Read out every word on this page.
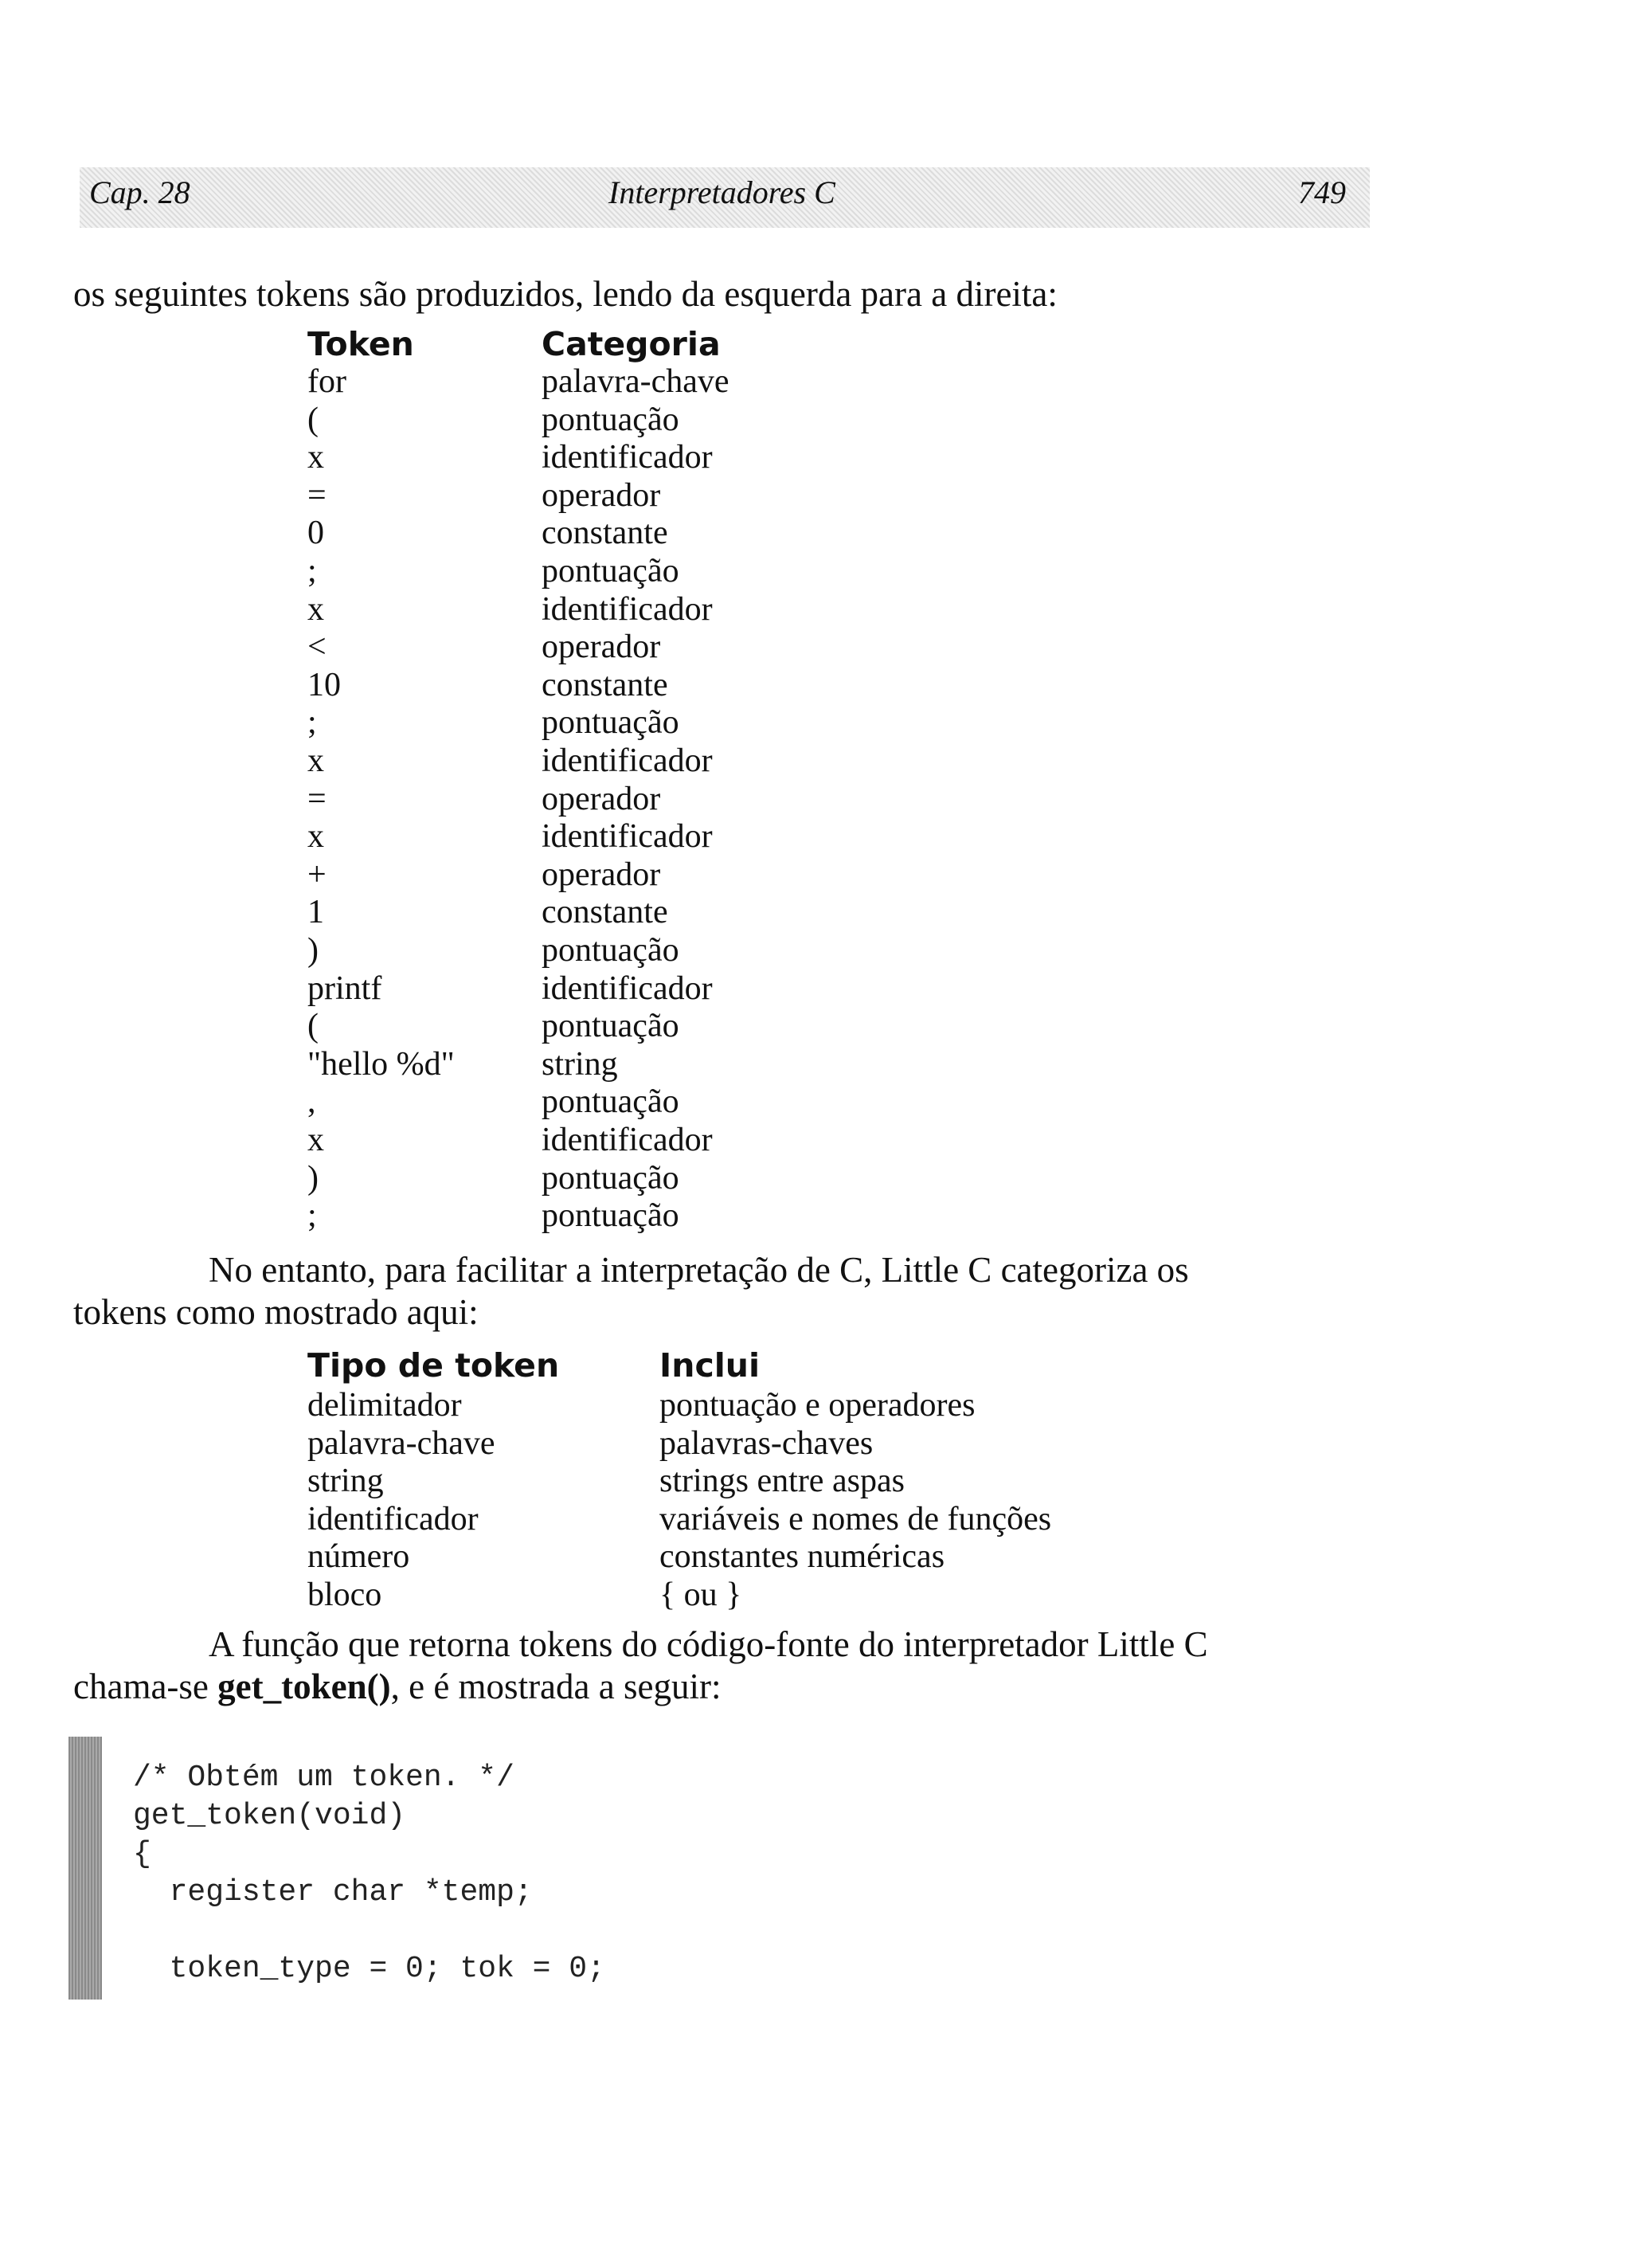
Cap. 28	Interpretadores C	749
os seguintes tokens são produzidos, lendo da esquerda para a direita:
Token	Categoria
for	palavra-chave
(	pontuação
x	identificador
=	operador
0	constante
;	pontuação
x	identificador
<	operador
10	constante
;	pontuação
x	identificador
=	operador
x	identificador
+	operador
1	constante
)	pontuação
printf	identificador
(	pontuação
"hello %d"	string
,	pontuação
x	identificador
)	pontuação
;	pontuação
No entanto, para facilitar a interpretação de C, Little C categoriza os
tokens como mostrado aqui:
Tipo de token	Inclui
delimitador	pontuação e operadores
palavra-chave	palavras-chaves
string	strings entre aspas
identificador	variáveis e nomes de funções
número	constantes numéricas
bloco	{ ou }
A função que retorna tokens do código-fonte do interpretador Little C
chama-se get_token(), e é mostrada a seguir:
/* Obtém um token. */
get_token(void)
{
register char *temp;
token_type = 0; tok = 0;
